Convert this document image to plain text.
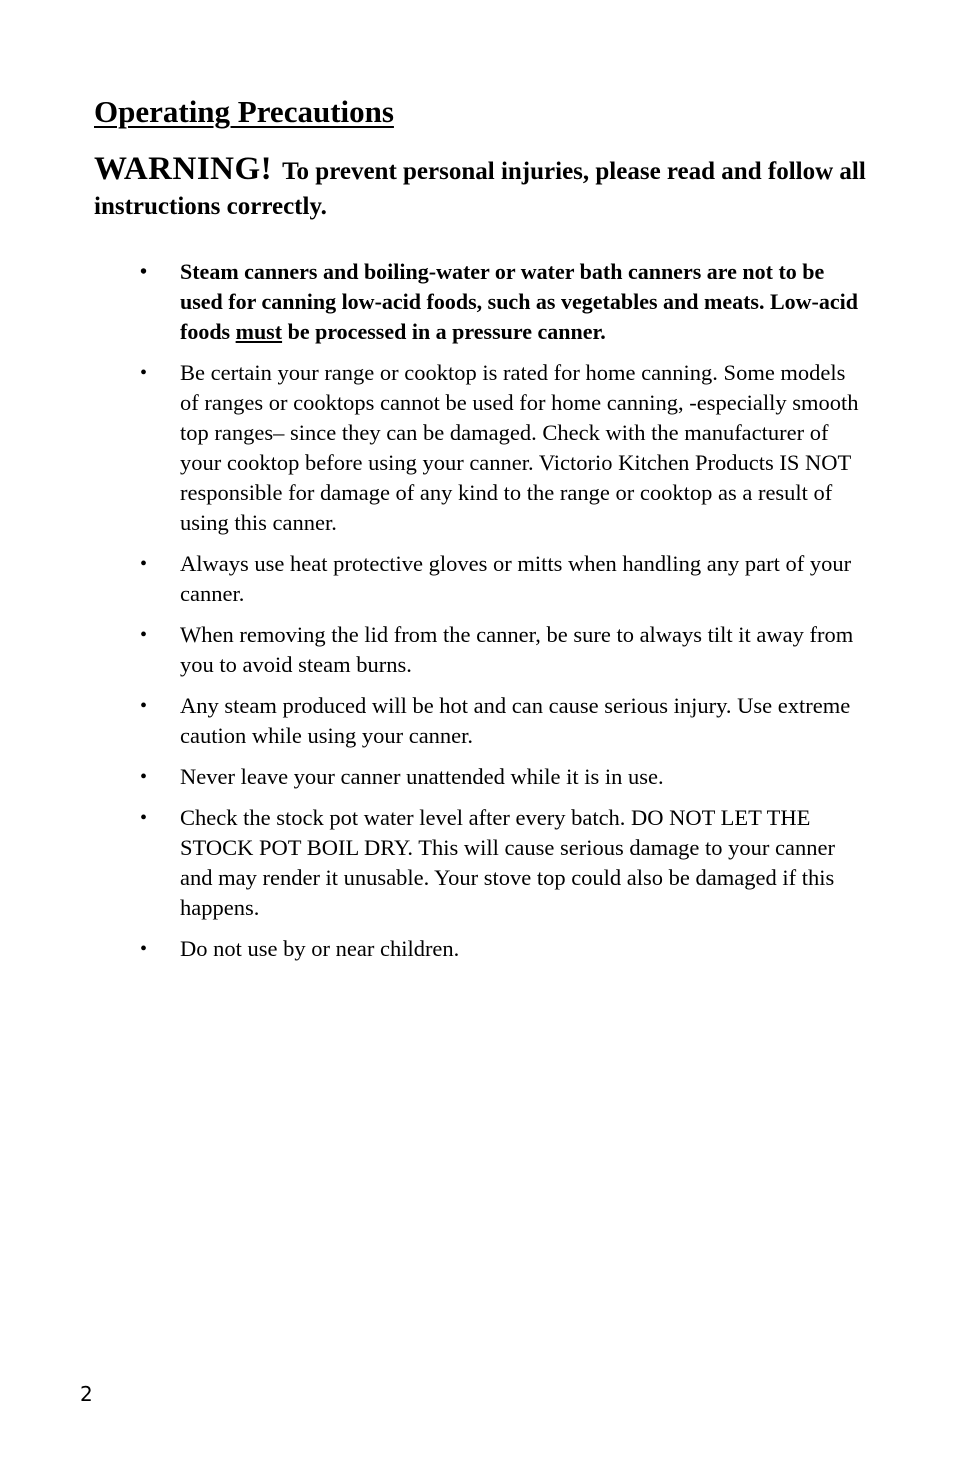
Operating Precautions

WARNING! To prevent personal injuries, please read and follow all instructions correctly.

• Steam canners and boiling-water or water bath canners are not to be used for canning low-acid foods, such as vegetables and meats. Low-acid foods must be processed in a pressure canner.
• Be certain your range or cooktop is rated for home canning. Some models of ranges or cooktops cannot be used for home canning, -especially smooth top ranges– since they can be damaged. Check with the manufacturer of your cooktop before using your canner. Victorio Kitchen Products IS NOT responsible for damage of any kind to the range or cooktop as a result of using this canner.
• Always use heat protective gloves or mitts when handling any part of your canner.
• When removing the lid from the canner, be sure to always tilt it away from you to avoid steam burns.
• Any steam produced will be hot and can cause serious injury. Use extreme caution while using your canner.
• Never leave your canner unattended while it is in use.
• Check the stock pot water level after every batch. DO NOT LET THE STOCK POT BOIL DRY. This will cause serious damage to your canner and may render it unusable. Your stove top could also be damaged if this happens.
• Do not use by or near children.
2
